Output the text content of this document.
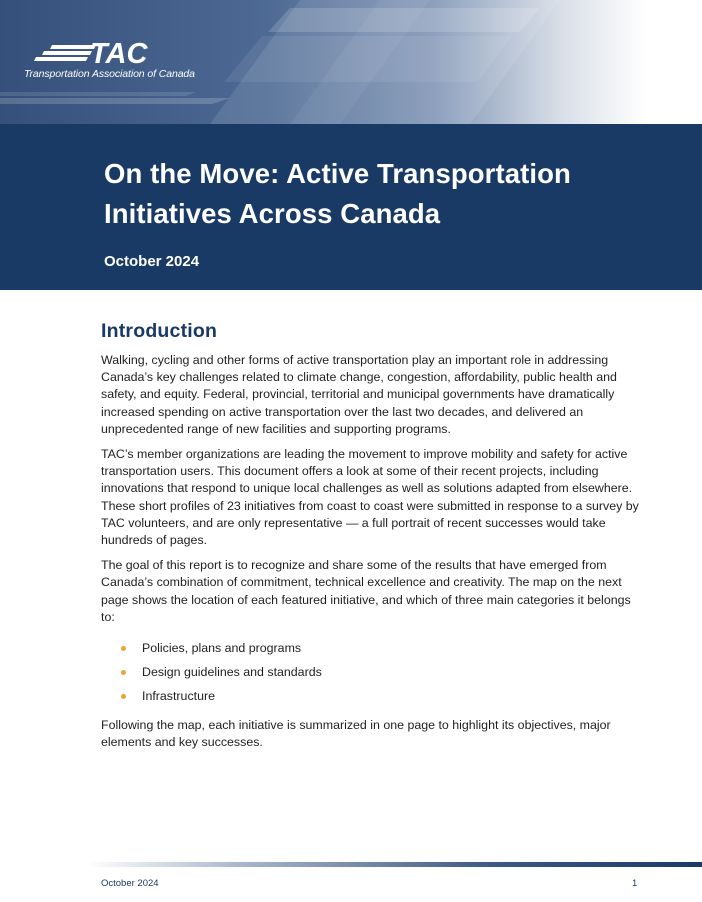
TAC
Transportation Association of Canada
On the Move: Active Transportation
Initiatives Across Canada
October 2024
Introduction

Walking, cycling and other forms of active transportation play an important role in addressing Canada’s key challenges related to climate change, congestion, affordability, public health and safety, and equity. Federal, provincial, territorial and municipal governments have dramatically increased spending on active transportation over the last two decades, and delivered an unprecedented range of new facilities and supporting programs.

TAC’s member organizations are leading the movement to improve mobility and safety for active transportation users. This document offers a look at some of their recent projects, including innovations that respond to unique local challenges as well as solutions adapted from elsewhere. These short profiles of 23 initiatives from coast to coast were submitted in response to a survey by TAC volunteers, and are only representative — a full portrait of recent successes would take hundreds of pages.

The goal of this report is to recognize and share some of the results that have emerged from Canada’s combination of commitment, technical excellence and creativity. The map on the next page shows the location of each featured initiative, and which of three main categories it belongs to:

Policies, plans and programs
Design guidelines and standards
Infrastructure

Following the map, each initiative is summarized in one page to highlight its objectives, major elements and key successes.

October 2024	1
